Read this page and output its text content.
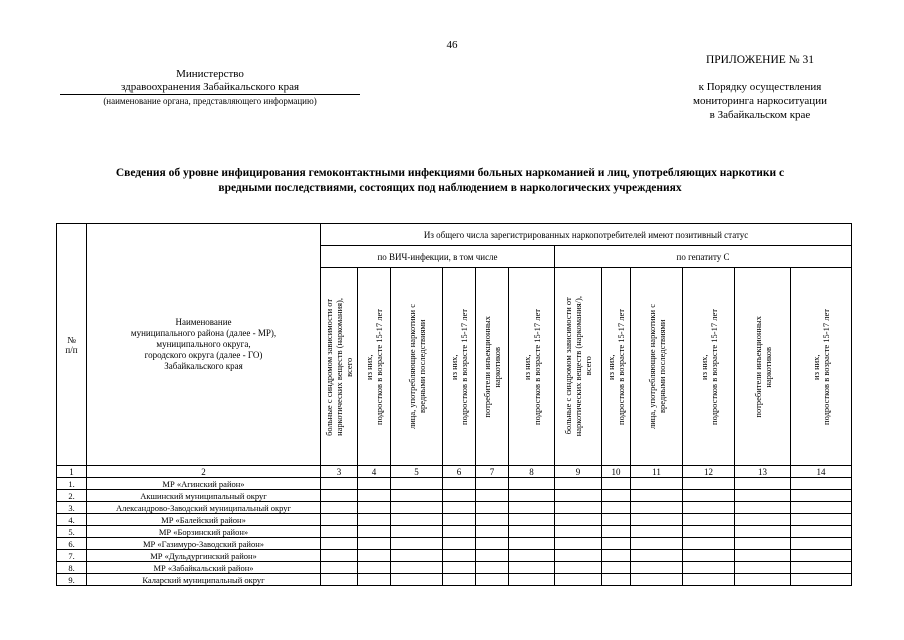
46
Министерство
здравоохранения Забайкальского края
(наименование органа, представляющего информацию)
ПРИЛОЖЕНИЕ № 31
к Порядку осуществления
мониторинга наркоситуации
в Забайкальском крае
Сведения об уровне инфицирования гемоконтактными инфекциями больных наркоманией и лиц, употребляющих наркотики с
вредными последствиями, состоящих под наблюдением в наркологических учреждениях
№
п/п	Наименование
муниципального района (далее - МР),
муниципального округа,
городского округа (далее - ГО)
Забайкальского края	Из общего числа зарегистрированных наркопотребителей имеют позитивный статус											
		по ВИЧ-инфекции, в том числе						по гепатиту С					

		больные с синдромом зависимости от
наркотических веществ (наркомания),
всего	из них,
подростков в возрасте 15-17 лет	лица, употребляющие наркотики с
вредными последствиями	из них,
подростков в возрасте 15-17 лет	потребители инъекционных
наркотиков	из них,
подростков в возрасте 15-17 лет	больные с синдромом зависимости от
наркотических веществ (наркомания/),
всего	из них,
подростков в возрасте 15-17 лет	лица, употребляющие наркотики с
вредными последствиями	из них,
подростков в возрасте 15-17 лет	потребители инъекционных
наркотиков	из них,
подростков в возрасте 15-17 лет

1	2	3	4	5	6	7	8	9	10	11	12	13	14
1.	МР «Агинский район»												
2.	Акшинский муниципальный округ												
3.	Александрово-Заводский муниципальный округ												
4.	МР «Балейский район»												
5.	МР «Борзинский район»												
6.	МР «Газимуро-Заводский район»												
7.	МР «Дульдургинский район»												
8.	МР «Забайкальский район»												
9.	Каларский муниципальный округ												
